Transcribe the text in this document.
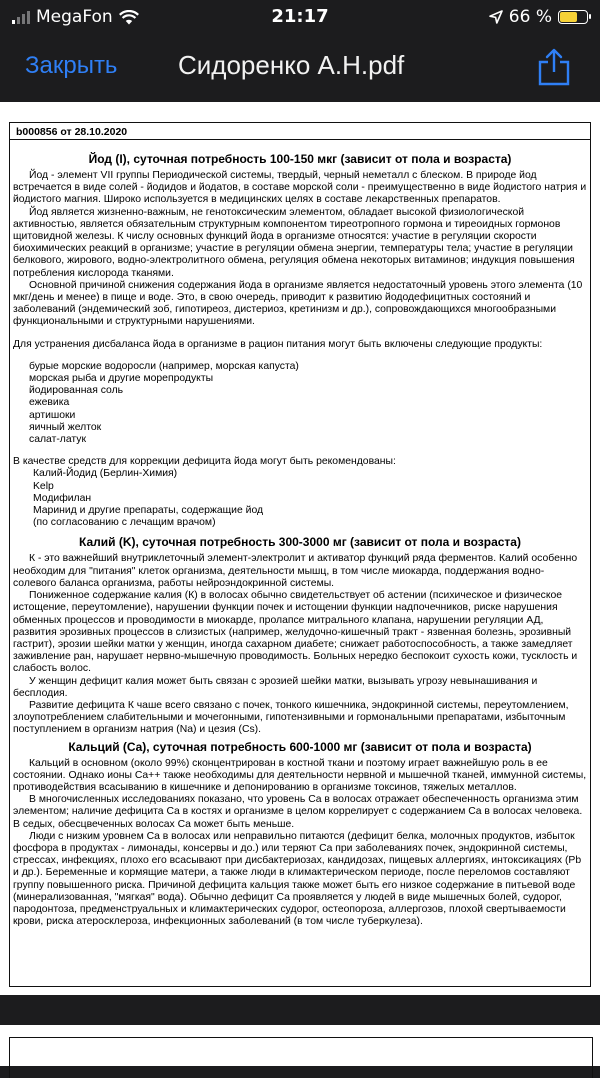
MegaFon	21:17	66 %
Закрыть Сидоренко А.Н.pdf
b000856 от 28.10.2020
Йод (I), суточная потребность 100-150 мкг (зависит от пола и возраста)

Йод - элемент VII группы Периодической системы, твердый, черный неметалл с блеском. В природе йод встречается в виде солей - йодидов и йодатов, в составе морской соли - преимущественно в виде йодистого натрия и йодистого магния. Широко используется в медицинских целях в составе лекарственных препаратов.

Йод является жизненно-важным, не генотоксическим элементом, обладает высокой физиологической активностью, является обязательным структурным компонентом тиреотропного гормона и тиреоидных гормонов щитовидной железы. К числу основных функций йода в организме относятся: участие в регуляции скорости биохимических реакций в организме; участие в регуляции обмена энергии, температуры тела; участие в регуляции белкового, жирового, водно-электролитного обмена, регуляция обмена некоторых витаминов; индукция повышения потребления кислорода тканями.

Основной причиной снижения содержания йода в организме является недостаточный уровень этого элемента (10 мкг/день и менее) в пище и воде. Это, в свою очередь, приводит к развитию йододефицитных состояний и заболеваний (эндемический зоб, гипотиреоз, дистериоз, кретинизм и др.), сопровождающихся многообразными функциональными и структурными нарушениями.

Для устранения дисбаланса йода в организме в рацион питания могут быть включены следующие продукты:

бурые морские водоросли (например, морская капуста)
морская рыба и другие морепродукты
йодированная соль
ежевика
артишоки
яичный желток
салат-латук

В качестве средств для коррекции дефицита йода могут быть рекомендованы:

Калий-Йодид (Берлин-Химия)
Kelp
Модифилан
Маринид и другие препараты, содержащие йод
(по согласованию с лечащим врачом)
Калий (K), суточная потребность 300-3000 мг (зависит от пола и возраста)

К - это важнейший внутриклеточный элемент-электролит и активатор функций ряда ферментов. Калий особенно необходим для "питания" клеток организма, деятельности мышц, в том числе миокарда, поддержания водно-солевого баланса организма, работы нейроэндокринной системы.

Пониженное содержание калия (К) в волосах обычно свидетельствует об астении (психическое и физическое истощение, переутомление), нарушении функции почек и истощении функции надпочечников, риске нарушения обменных процессов и проводимости в миокарде, пролапсе митрального клапана, нарушении регуляции АД, развития эрозивных процессов в слизистых (например, желудочно-кишечный тракт - язвенная болезнь, эрозивный гастрит), эрозии шейки матки у женщин, иногда сахарном диабете; снижает работоспособность, а также замедляет заживление ран, нарушает нервно-мышечную проводимость. Больных нередко беспокоит сухость кожи, тусклость и слабость волос.

У женщин дефицит калия может быть связан с эрозией шейки матки, вызывать угрозу невынашивания и бесплодия.

Развитие дефицита К чаше всего связано с почек, тонкого кишечника, эндокринной системы, переутомлением, злоупотреблением слабительными и мочегонными, гипотензивными и гормональными препаратами, избыточным поступлением в организм натрия (Na) и цезия (Cs).

Кальций (Ca), суточная потребность 600-1000 мг (зависит от пола и возраста)

Кальций в основном (около 99%) сконцентрирован в костной ткани и поэтому играет важнейшую роль в ее состоянии. Однако ионы Ca++ также необходимы для деятельности нервной и мышечной тканей, иммунной системы, противодействия всасыванию в кишечнике и депонированию в организме токсинов, тяжелых металлов.

В многочисленных исследованиях показано, что уровень Ca в волосах отражает обеспеченность организма этим элементом; наличие дефицита Ca в костях и организме в целом коррелирует с содержанием Ca в волосах человека. В седых, обесцвеченных волосах Ca может быть меньше.

Люди с низким уровнем Ca в волосах или неправильно питаются (дефицит белка, молочных продуктов, избыток фосфора в продуктах - лимонады, консервы и до.) или теряют Ca при заболеваниях почек, эндокринной системы, стрессах, инфекциях, плохо его всасывают при дисбактериозах, кандидозах, пищевых аллергиях, интоксикациях (Pb и др.). Беременные и кормящие матери, а также люди в климактерическом периоде, после переломов составляют группу повышенного риска. Причиной дефицита кальция также может быть его низкое содержание в питьевой воде (минерализованная, "мягкая" вода). Обычно дефицит Ca проявляется у людей в виде мышечных болей, судорог, пародонтоза, предменструальных и климактерических судорог, остеопороза, аллергозов, плохой свертываемости крови, риска атеросклероза, инфекционных заболеваний (в том числе туберкулеза).
